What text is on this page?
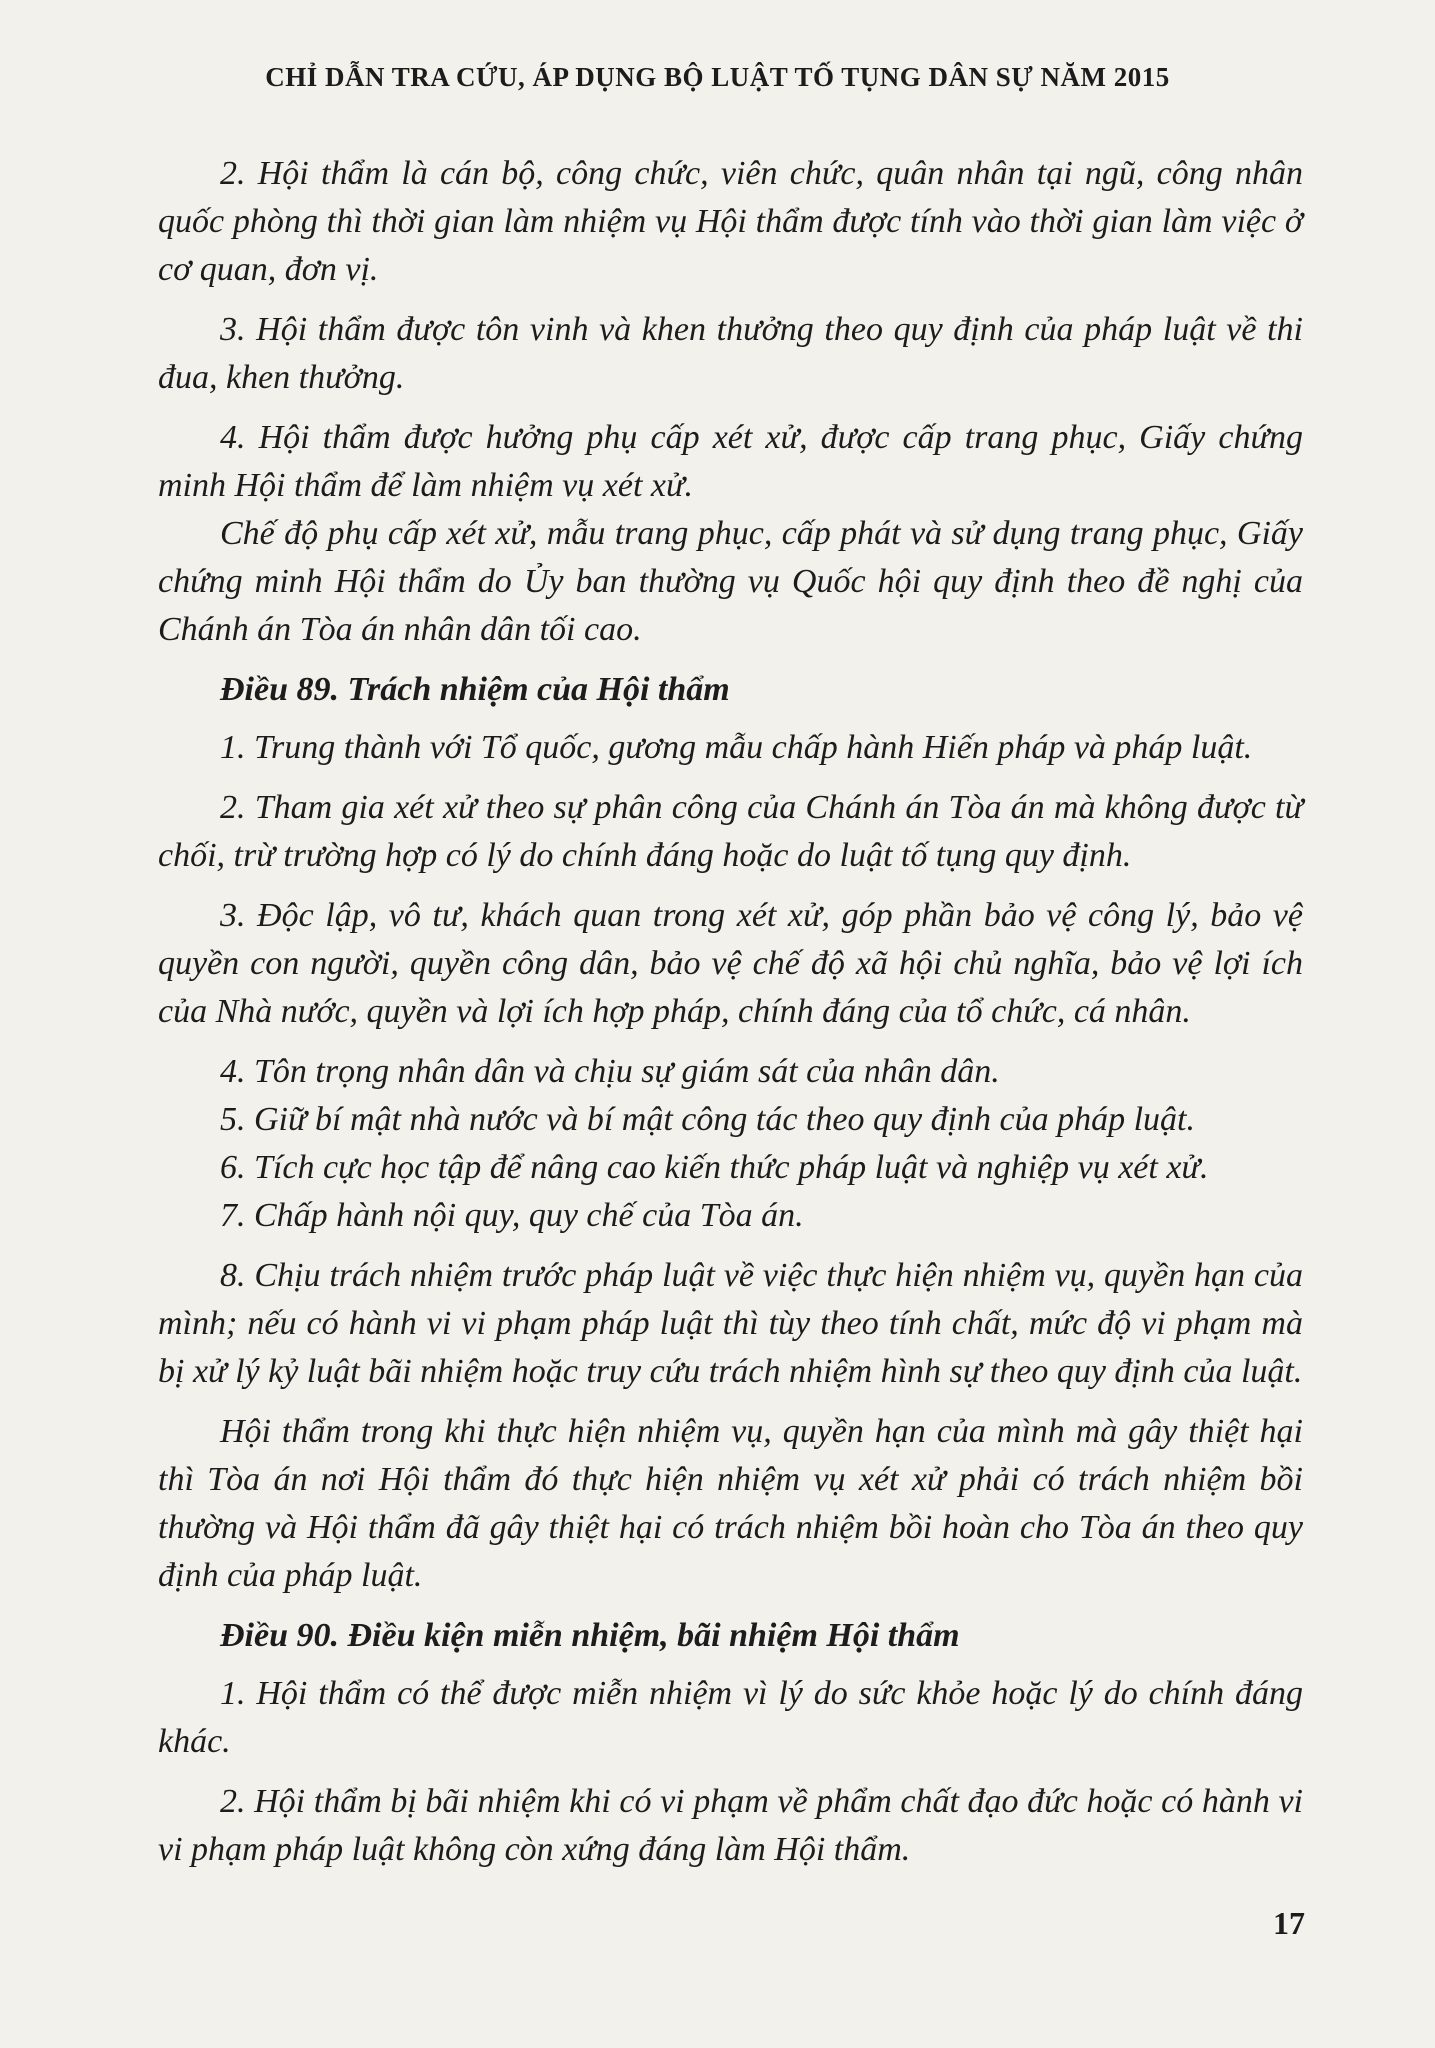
CHỈ DẪN TRA CỨU, ÁP DỤNG BỘ LUẬT TỐ TỤNG DÂN SỰ NĂM 2015

2. Hội thẩm là cán bộ, công chức, viên chức, quân nhân tại ngũ, công nhân quốc phòng thì thời gian làm nhiệm vụ Hội thẩm được tính vào thời gian làm việc ở cơ quan, đơn vị.

3. Hội thẩm được tôn vinh và khen thưởng theo quy định của pháp luật về thi đua, khen thưởng.

4. Hội thẩm được hưởng phụ cấp xét xử, được cấp trang phục, Giấy chứng minh Hội thẩm để làm nhiệm vụ xét xử.

Chế độ phụ cấp xét xử, mẫu trang phục, cấp phát và sử dụng trang phục, Giấy chứng minh Hội thẩm do Ủy ban thường vụ Quốc hội quy định theo đề nghị của Chánh án Tòa án nhân dân tối cao.

Điều 89. Trách nhiệm của Hội thẩm

1. Trung thành với Tổ quốc, gương mẫu chấp hành Hiến pháp và pháp luật.

2. Tham gia xét xử theo sự phân công của Chánh án Tòa án mà không được từ chối, trừ trường hợp có lý do chính đáng hoặc do luật tố tụng quy định.

3. Độc lập, vô tư, khách quan trong xét xử, góp phần bảo vệ công lý, bảo vệ quyền con người, quyền công dân, bảo vệ chế độ xã hội chủ nghĩa, bảo vệ lợi ích của Nhà nước, quyền và lợi ích hợp pháp, chính đáng của tổ chức, cá nhân.

4. Tôn trọng nhân dân và chịu sự giám sát của nhân dân.

5. Giữ bí mật nhà nước và bí mật công tác theo quy định của pháp luật.

6. Tích cực học tập để nâng cao kiến thức pháp luật và nghiệp vụ xét xử.

7. Chấp hành nội quy, quy chế của Tòa án.

8. Chịu trách nhiệm trước pháp luật về việc thực hiện nhiệm vụ, quyền hạn của mình; nếu có hành vi vi phạm pháp luật thì tùy theo tính chất, mức độ vi phạm mà bị xử lý kỷ luật bãi nhiệm hoặc truy cứu trách nhiệm hình sự theo quy định của luật.

Hội thẩm trong khi thực hiện nhiệm vụ, quyền hạn của mình mà gây thiệt hại thì Tòa án nơi Hội thẩm đó thực hiện nhiệm vụ xét xử phải có trách nhiệm bồi thường và Hội thẩm đã gây thiệt hại có trách nhiệm bồi hoàn cho Tòa án theo quy định của pháp luật.

Điều 90. Điều kiện miễn nhiệm, bãi nhiệm Hội thẩm

1. Hội thẩm có thể được miễn nhiệm vì lý do sức khỏe hoặc lý do chính đáng khác.

2. Hội thẩm bị bãi nhiệm khi có vi phạm về phẩm chất đạo đức hoặc có hành vi vi phạm pháp luật không còn xứng đáng làm Hội thẩm.

17
